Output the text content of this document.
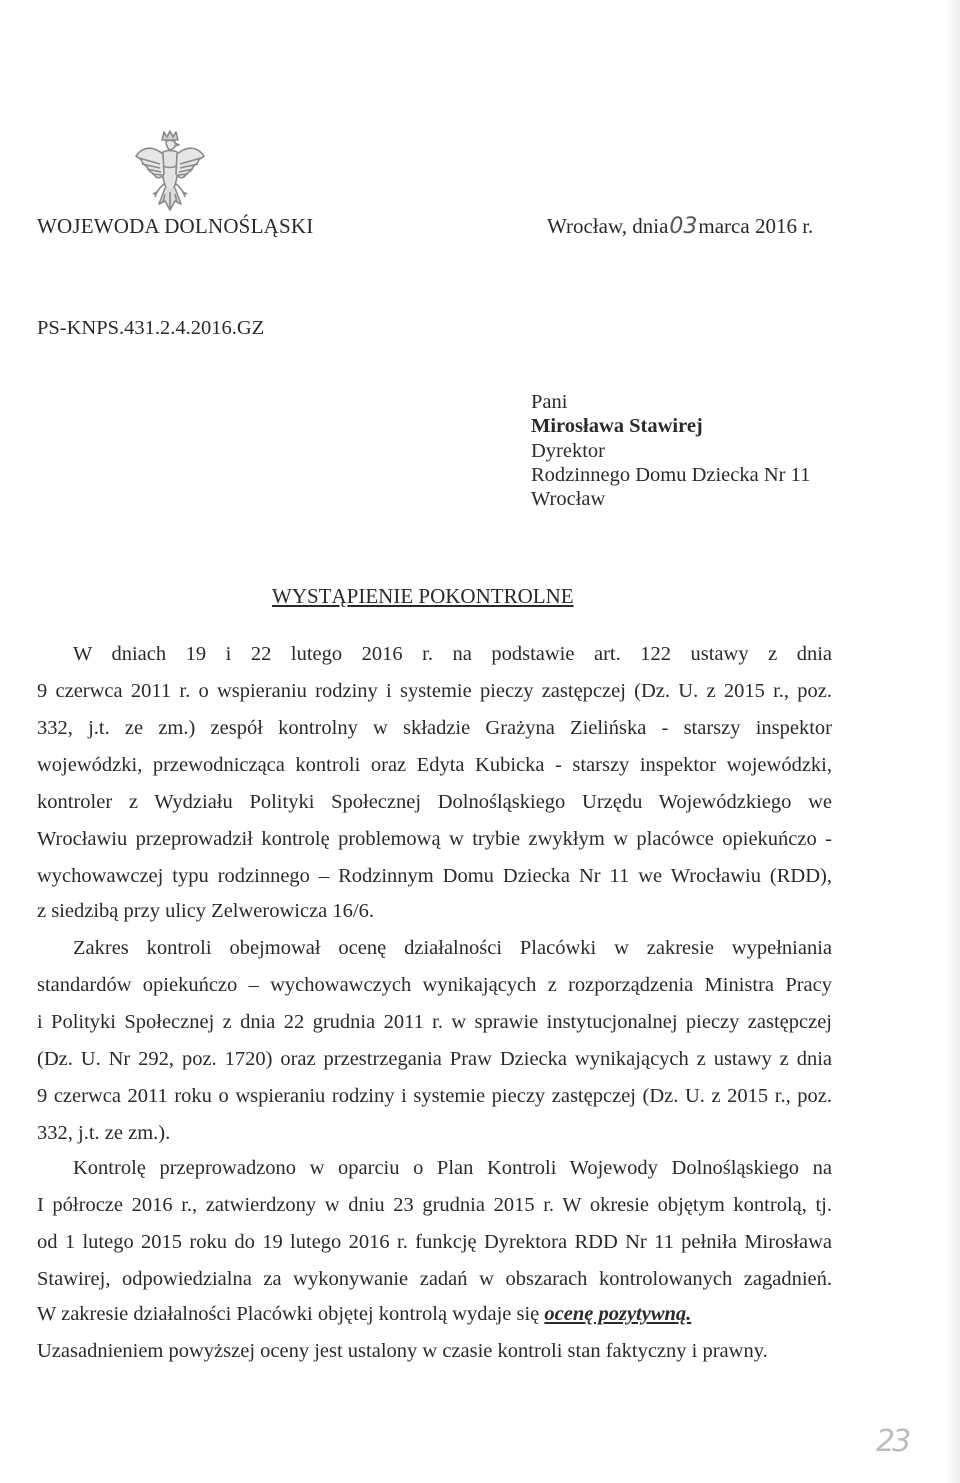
WOJEWODA DOLNOŚLĄSKI	Wrocław, dnia03marca 2016 r.
PS-KNPS.431.2.4.2016.GZ
Pani
Mirosława Stawirej
Dyrektor
Rodzinnego Domu Dziecka Nr 11
Wrocław
WYSTĄPIENIE POKONTROLNE
W dniach 19 i 22 lutego 2016 r. na podstawie art. 122 ustawy z dnia
9 czerwca 2011 r. o wspieraniu rodziny i systemie pieczy zastępczej (Dz. U. z 2015 r., poz.
332, j.t. ze zm.) zespół kontrolny w składzie Grażyna Zielińska - starszy inspektor
wojewódzki, przewodnicząca kontroli oraz Edyta Kubicka - starszy inspektor wojewódzki,
kontroler z Wydziału Polityki Społecznej Dolnośląskiego Urzędu Wojewódzkiego we
Wrocławiu przeprowadził kontrolę problemową w trybie zwykłym w placówce opiekuńczo -
wychowawczej typu rodzinnego – Rodzinnym Domu Dziecka Nr 11 we Wrocławiu (RDD),
z siedzibą przy ulicy Zelwerowicza 16/6.
Zakres kontroli obejmował ocenę działalności Placówki w zakresie wypełniania
standardów opiekuńczo – wychowawczych wynikających z rozporządzenia Ministra Pracy
i Polityki Społecznej z dnia 22 grudnia 2011 r. w sprawie instytucjonalnej pieczy zastępczej
(Dz. U. Nr 292, poz. 1720) oraz przestrzegania Praw Dziecka wynikających z ustawy z dnia
9 czerwca 2011 roku o wspieraniu rodziny i systemie pieczy zastępczej (Dz. U. z 2015 r., poz.
332, j.t. ze zm.).
Kontrolę przeprowadzono w oparciu o Plan Kontroli Wojewody Dolnośląskiego na
I półrocze 2016 r., zatwierdzony w dniu 23 grudnia 2015 r. W okresie objętym kontrolą, tj.
od 1 lutego 2015 roku do 19 lutego 2016 r. funkcję Dyrektora RDD Nr 11 pełniła Mirosława
Stawirej, odpowiedzialna za wykonywanie zadań w obszarach kontrolowanych zagadnień.
W zakresie działalności Placówki objętej kontrolą wydaje się ocenę pozytywną.
Uzasadnieniem powyższej oceny jest ustalony w czasie kontroli stan faktyczny i prawny.
23
